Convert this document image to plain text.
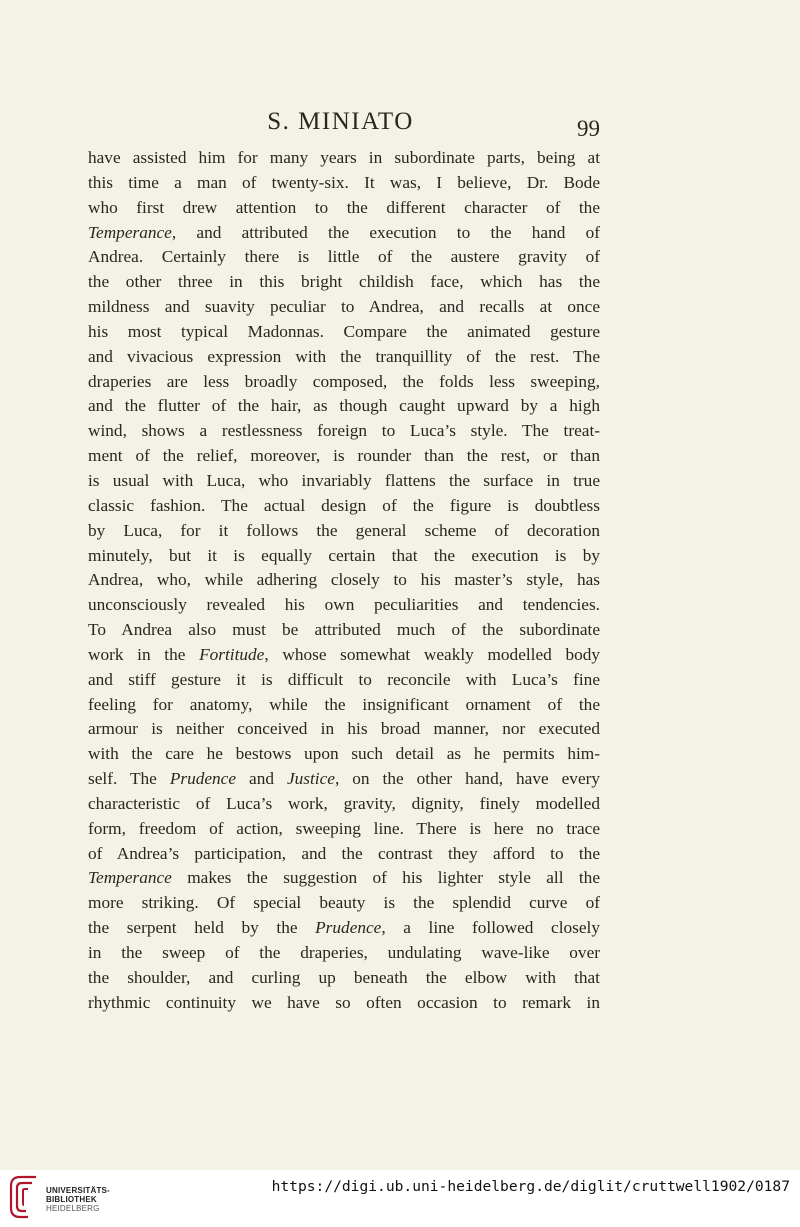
S. MINIATO	99
have assisted him for many years in subordinate parts, being at
this time a man of twenty-six. It was, I believe, Dr. Bode
who first drew attention to the different character of the
Temperance, and attributed the execution to the hand of
Andrea. Certainly there is little of the austere gravity of
the other three in this bright childish face, which has the
mildness and suavity peculiar to Andrea, and recalls at once
his most typical Madonnas. Compare the animated gesture
and vivacious expression with the tranquillity of the rest. The
draperies are less broadly composed, the folds less sweeping,
and the flutter of the hair, as though caught upward by a high
wind, shows a restlessness foreign to Luca’s style. The treat-
ment of the relief, moreover, is rounder than the rest, or than
is usual with Luca, who invariably flattens the surface in true
classic fashion. The actual design of the figure is doubtless
by Luca, for it follows the general scheme of decoration
minutely, but it is equally certain that the execution is by
Andrea, who, while adhering closely to his master’s style, has
unconsciously revealed his own peculiarities and tendencies.
To Andrea also must be attributed much of the subordinate
work in the Fortitude, whose somewhat weakly modelled body
and stiff gesture it is difficult to reconcile with Luca’s fine
feeling for anatomy, while the insignificant ornament of the
armour is neither conceived in his broad manner, nor executed
with the care he bestows upon such detail as he permits him-
self. The Prudence and Justice, on the other hand, have every
characteristic of Luca’s work, gravity, dignity, finely modelled
form, freedom of action, sweeping line. There is here no trace
of Andrea’s participation, and the contrast they afford to the
Temperance makes the suggestion of his lighter style all the
more striking. Of special beauty is the splendid curve of
the serpent held by the Prudence, a line followed closely
in the sweep of the draperies, undulating wave-like over
the shoulder, and curling up beneath the elbow with that
rhythmic continuity we have so often occasion to remark in
UNIVERSITÄTS-
BIBLIOTHEK
HEIDELBERG
https://digi.ub.uni-heidelberg.de/diglit/cruttwell1902/0187
